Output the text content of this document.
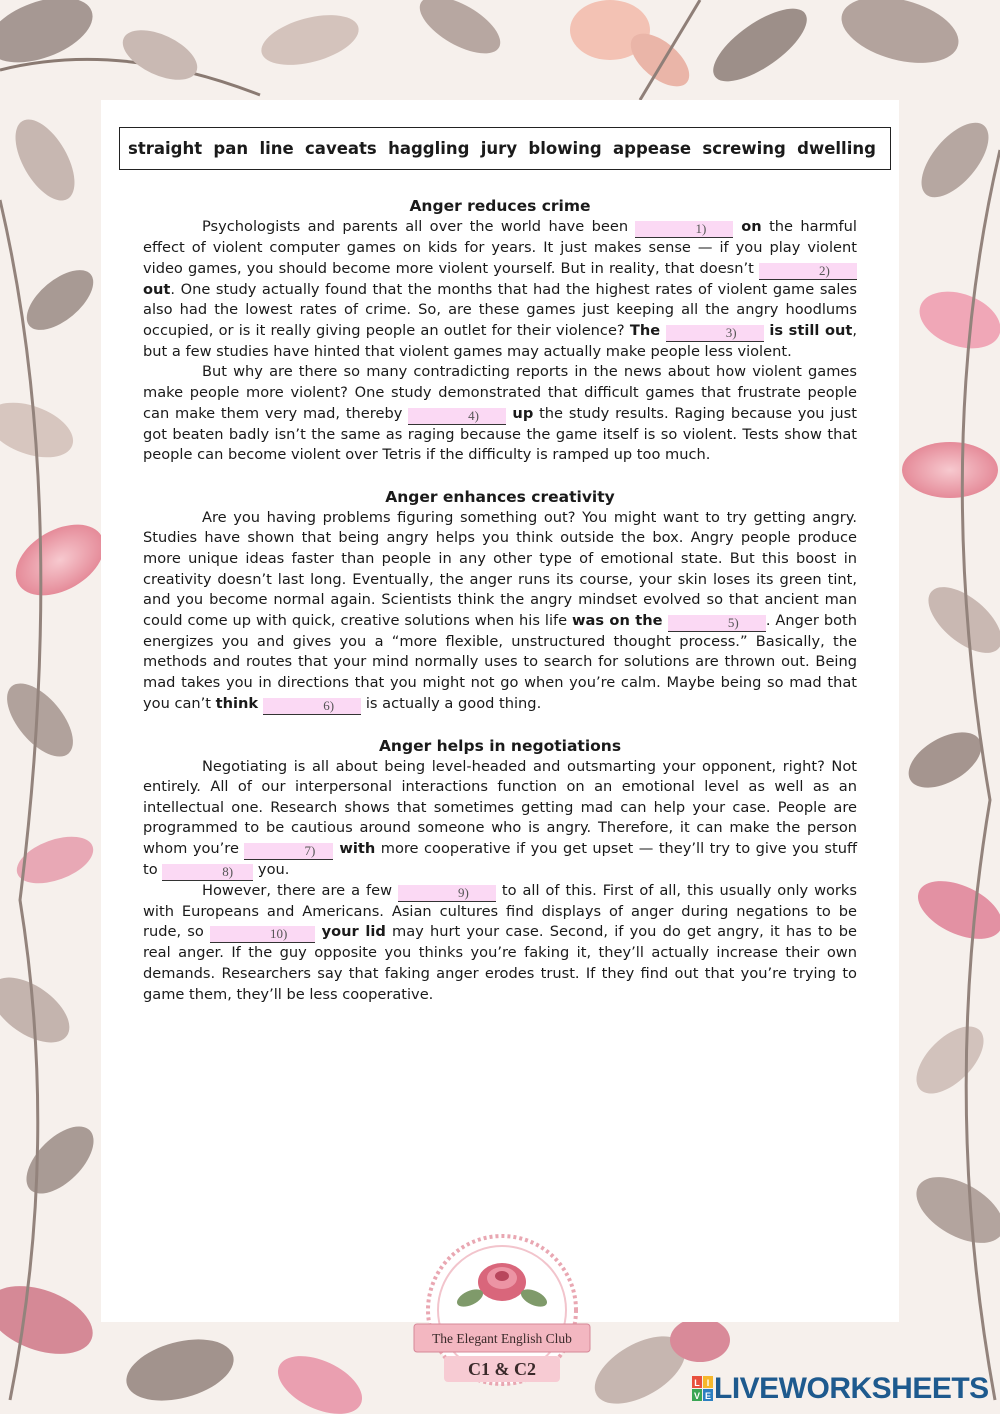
straight pan line caveats haggling jury blowing appease screwing dwelling
Anger reduces crime

Psychologists and parents all over the world have been	1) on the harmful effect of violent computer games on kids for years. It just makes sense — if you play violent video games, you should become more violent yourself. But in reality, that doesn’t	2) out. One study actually found that the months that had the highest rates of violent game sales also had the lowest rates of crime. So, are these games just keeping all the angry hoodlums occupied, or is it really giving people an outlet for their violence? The	3) is still out, but a few studies have hinted that violent games may actually make people less violent.

But why are there so many contradicting reports in the news about how violent games make people more violent? One study demonstrated that difficult games that frustrate people can make them very mad, thereby	4) up the study results. Raging because you just got beaten badly isn’t the same as raging because the game itself is so violent. Tests show that people can become violent over Tetris if the difficulty is ramped up too much.

Anger enhances creativity

Are you having problems figuring something out? You might want to try getting angry. Studies have shown that being angry helps you think outside the box. Angry people produce more unique ideas faster than people in any other type of emotional state. But this boost in creativity doesn’t last long. Eventually, the anger runs its course, your skin loses its green tint, and you become normal again. Scientists think the angry mindset evolved so that ancient man could come up with quick, creative solutions when his life was on the	5) . Anger both energizes you and gives you a “more flexible, unstructured thought process.” Basically, the methods and routes that your mind normally uses to search for solutions are thrown out. Being mad takes you in directions that you might not go when you’re calm. Maybe being so mad that you can’t think	6) is actually a good thing.

Anger helps in negotiations

Negotiating is all about being level-headed and outsmarting your opponent, right? Not entirely. All of our interpersonal interactions function on an emotional level as well as an intellectual one. Research shows that sometimes getting mad can help your case. People are programmed to be cautious around someone who is angry. Therefore, it can make the person whom you’re	7) with more cooperative if you get upset — they’ll try to give you stuff to	8) you.

However, there are a few	9) to all of this. First of all, this usually only works with Europeans and Americans. Asian cultures find displays of anger during negations to be rude, so	10) your lid may hurt your case. Second, if you do get angry, it has to be real anger. If the guy opposite you thinks you’re faking it, they’ll actually increase their own demands. Researchers say that faking anger erodes trust. If they find out that you’re trying to game them, they’ll be less cooperative.

The Elegant English Club
C1 & C2
L I
V E LIVEWORKSHEETS
